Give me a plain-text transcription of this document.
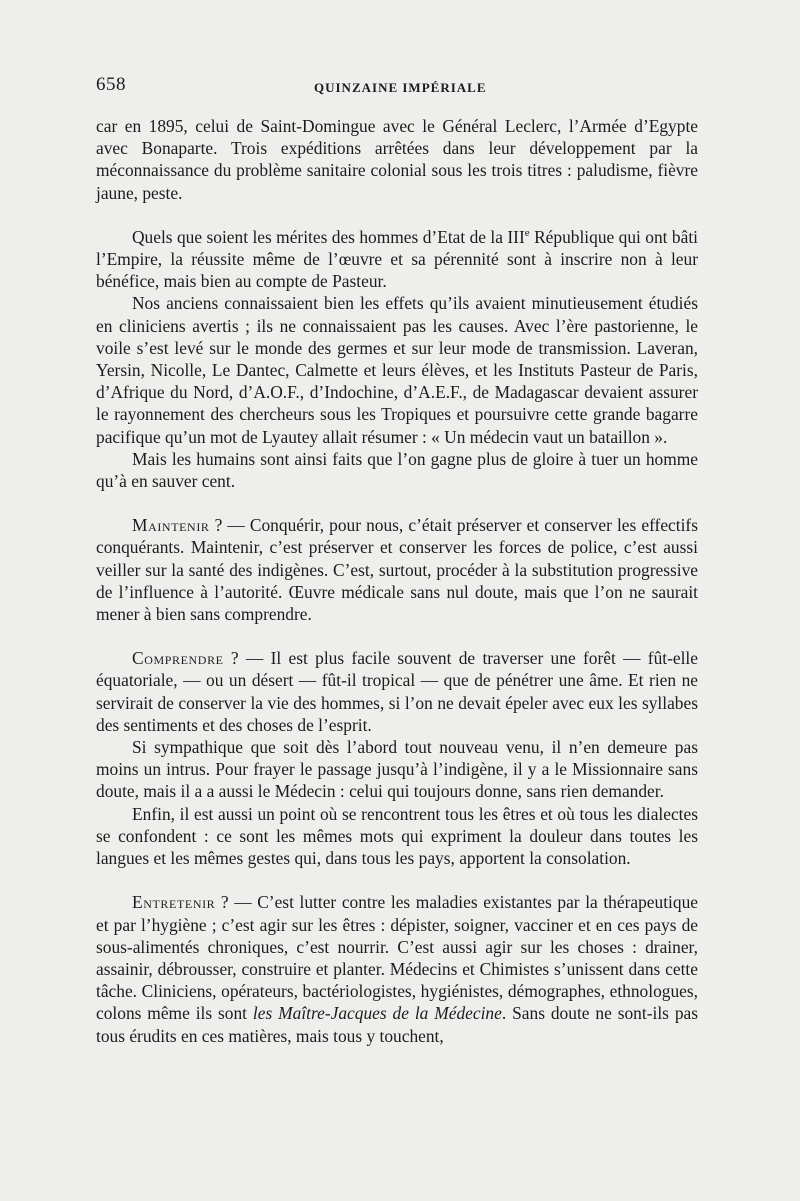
658	QUINZAINE IMPÉRIALE

car en 1895, celui de Saint-Domingue avec le Général Leclerc, l’Armée d’Egypte avec Bonaparte. Trois expéditions arrêtées dans leur développement par la méconnaissance du problème sanitaire colonial sous les trois titres : paludisme, fièvre jaune, peste.

Quels que soient les mérites des hommes d’Etat de la IIIe République qui ont bâti l’Empire, la réussite même de l’œuvre et sa pérennité sont à inscrire non à leur bénéfice, mais bien au compte de Pasteur.

Nos anciens connaissaient bien les effets qu’ils avaient minutieusement étudiés en cliniciens avertis ; ils ne connaissaient pas les causes. Avec l’ère pastorienne, le voile s’est levé sur le monde des germes et sur leur mode de transmission. Laveran, Yersin, Nicolle, Le Dantec, Calmette et leurs élèves, et les Instituts Pasteur de Paris, d’Afrique du Nord, d’A.O.F., d’Indochine, d’A.E.F., de Madagascar devaient assurer le rayonnement des chercheurs sous les Tropiques et poursuivre cette grande bagarre pacifique qu’un mot de Lyautey allait résumer : « Un médecin vaut un bataillon ».

Mais les humains sont ainsi faits que l’on gagne plus de gloire à tuer un homme qu’à en sauver cent.

Maintenir ? — Conquérir, pour nous, c’était préserver et conserver les effectifs conquérants. Maintenir, c’est préserver et conserver les forces de police, c’est aussi veiller sur la santé des indigènes. C’est, surtout, procéder à la substitution progressive de l’influence à l’autorité. Œuvre médicale sans nul doute, mais que l’on ne saurait mener à bien sans comprendre.

Comprendre ? — Il est plus facile souvent de traverser une forêt — fût-elle équatoriale, — ou un désert — fût-il tropical — que de pénétrer une âme. Et rien ne servirait de conserver la vie des hommes, si l’on ne devait épeler avec eux les syllabes des sentiments et des choses de l’esprit.

Si sympathique que soit dès l’abord tout nouveau venu, il n’en demeure pas moins un intrus. Pour frayer le passage jusqu’à l’indigène, il y a le Missionnaire sans doute, mais il a a aussi le Médecin : celui qui toujours donne, sans rien demander.

Enfin, il est aussi un point où se rencontrent tous les êtres et où tous les dialectes se confondent : ce sont les mêmes mots qui expriment la douleur dans toutes les langues et les mêmes gestes qui, dans tous les pays, apportent la consolation.

Entretenir ? — C’est lutter contre les maladies existantes par la thérapeutique et par l’hygiène ; c’est agir sur les êtres : dépister, soigner, vacciner et en ces pays de sous-alimentés chroniques, c’est nourrir. C’est aussi agir sur les choses : drainer, assainir, débrousser, construire et planter. Médecins et Chimistes s’unissent dans cette tâche. Cliniciens, opérateurs, bactériologistes, hygiénistes, démographes, ethnologues, colons même ils sont les Maître-Jacques de la Médecine. Sans doute ne sont-ils pas tous érudits en ces matières, mais tous y touchent,
